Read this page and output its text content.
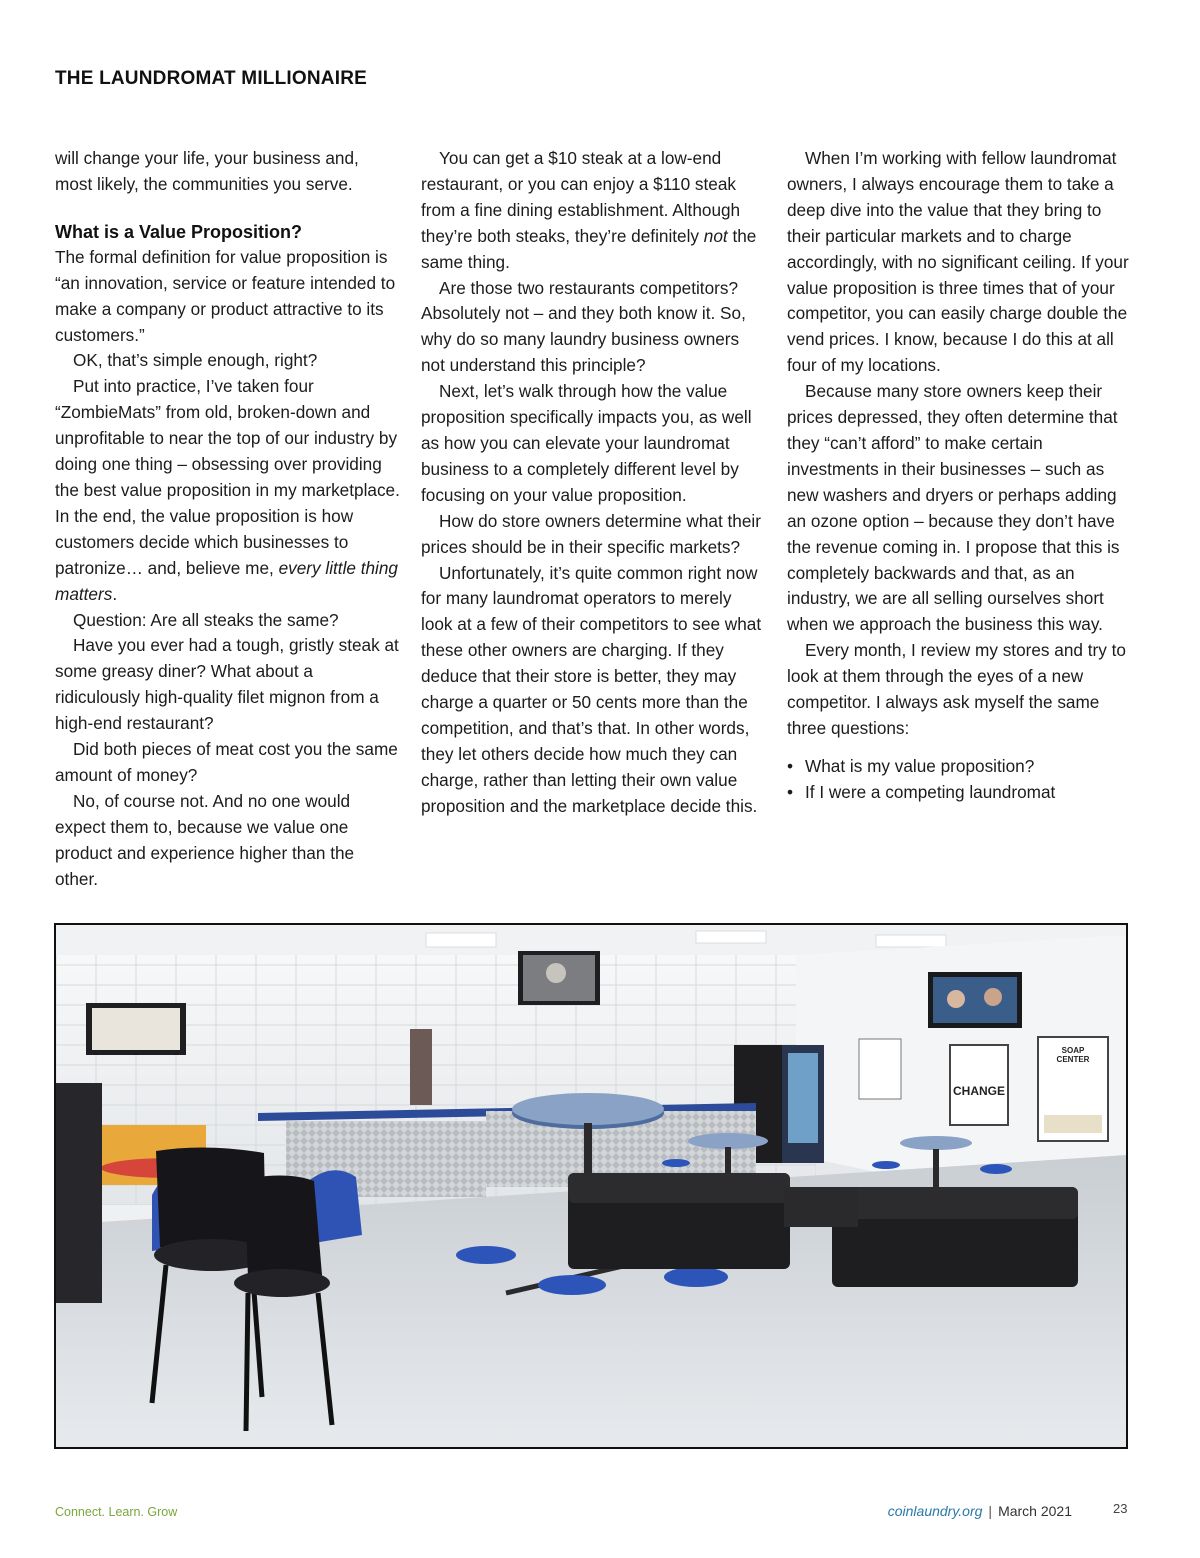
THE LAUNDROMAT MILLIONAIRE

will change your life, your business and, most likely, the communities you serve.

What is a Value Proposition?

The formal definition for value proposition is “an innovation, service or feature intended to make a company or product attractive to its customers.”

OK, that’s simple enough, right?

Put into practice, I’ve taken four “ZombieMats” from old, broken-down and unprofitable to near the top of our industry by doing one thing – obsessing over providing the best value proposition in my marketplace. In the end, the value proposition is how customers decide which businesses to patronize… and, believe me, every little thing matters.

Question: Are all steaks the same?

Have you ever had a tough, gristly steak at some greasy diner? What about a ridiculously high-quality filet mignon from a high-end restaurant?

Did both pieces of meat cost you the same amount of money?

No, of course not. And no one would expect them to, because we value one product and experience higher than the other.

You can get a $10 steak at a low-end restaurant, or you can enjoy a $110 steak from a fine dining establishment. Although they’re both steaks, they’re definitely not the same thing.

Are those two restaurants competitors? Absolutely not – and they both know it. So, why do so many laundry business owners not understand this principle?

Next, let’s walk through how the value proposition specifically impacts you, as well as how you can elevate your laundromat business to a completely different level by focusing on your value proposition.

How do store owners determine what their prices should be in their specific markets?

Unfortunately, it’s quite common right now for many laundromat operators to merely look at a few of their competitors to see what these other owners are charging. If they deduce that their store is better, they may charge a quarter or 50 cents more than the competition, and that’s that. In other words, they let others decide how much they can charge, rather than letting their own value proposition and the marketplace decide this.

When I’m working with fellow laundromat owners, I always encourage them to take a deep dive into the value that they bring to their particular markets and to charge accordingly, with no significant ceiling. If your value proposition is three times that of your competitor, you can easily charge double the vend prices. I know, because I do this at all four of my locations.

Because many store owners keep their prices depressed, they often determine that they “can’t afford” to make certain investments in their businesses – such as new washers and dryers or perhaps adding an ozone option – because they don’t have the revenue coming in. I propose that this is completely backwards and that, as an industry, we are all selling ourselves short when we approach the business this way.

Every month, I review my stores and try to look at them through the eyes of a new competitor. I always ask myself the same three questions:

• What is my value proposition?
• If I were a competing laundromat
CHANGE
SOAP
CENTER
Connect. Learn. Grow	coinlaundry.org | March 2021	23
